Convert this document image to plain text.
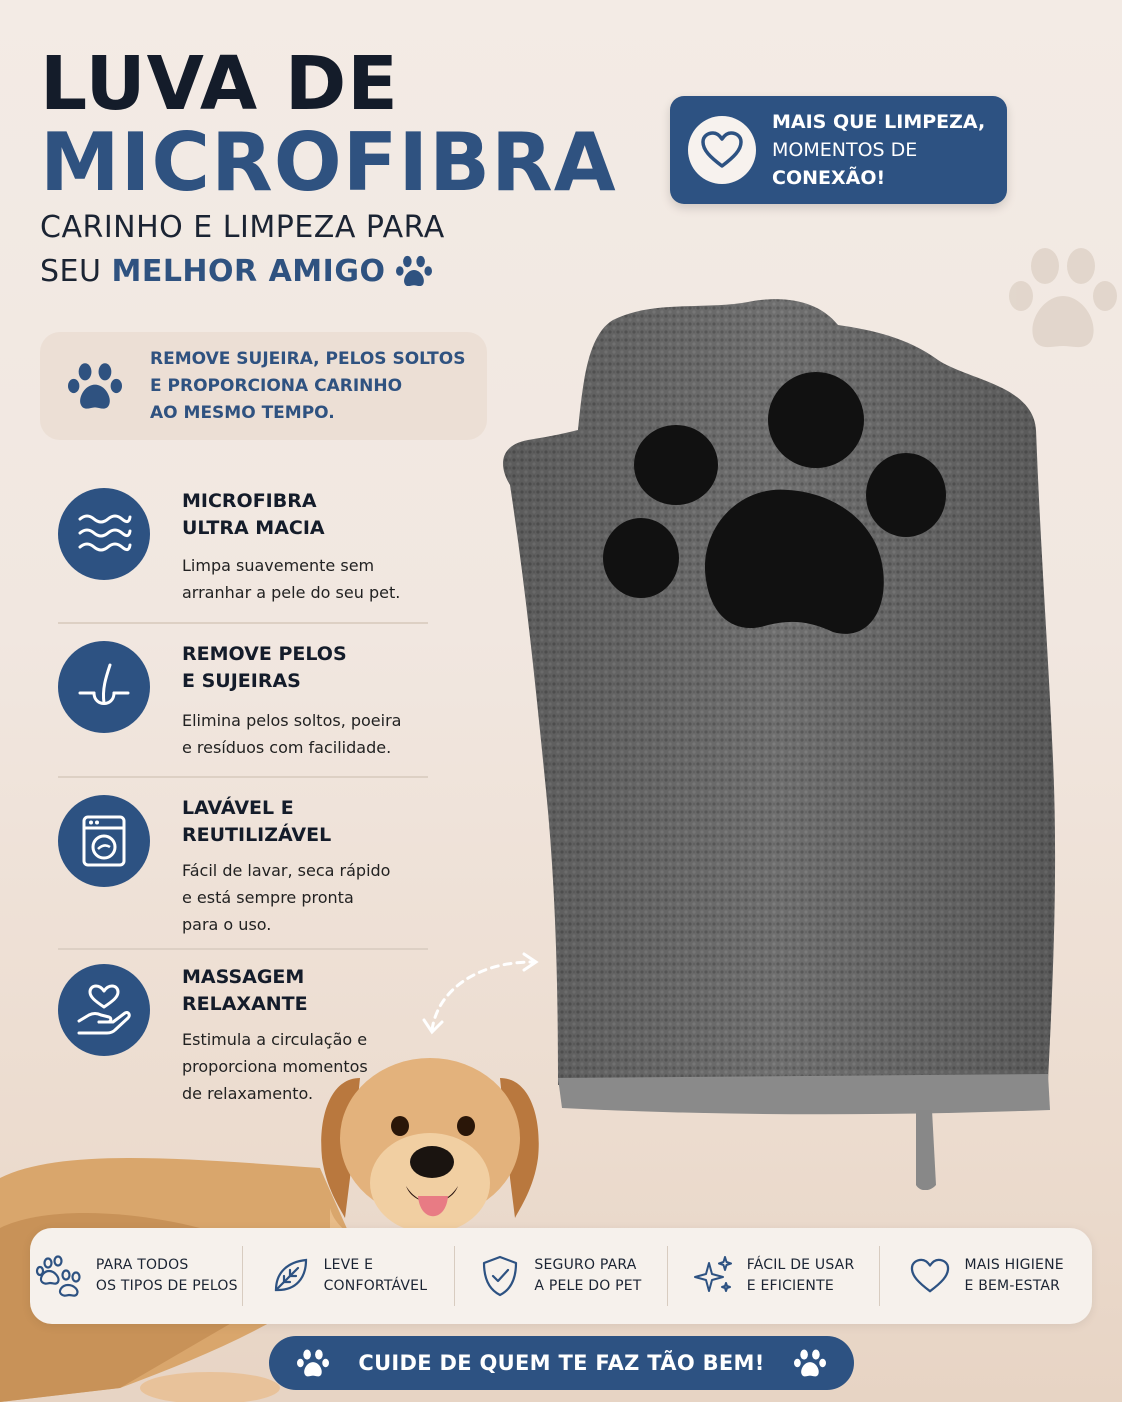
LUVA DE
MICROFIBRA
CARINHO E LIMPEZA PARA
SEU MELHOR AMIGO
MAIS QUE LIMPEZA,
MOMENTOS DE
CONEXÃO!
REMOVE SUJEIRA, PELOS SOLTOS
E PROPORCIONA CARINHO
AO MESMO TEMPO.
MICROFIBRA
ULTRA MACIA
Limpa suavemente sem
arranhar a pele do seu pet.
REMOVE PELOS
E SUJEIRAS
Elimina pelos soltos, poeira
e resíduos com facilidade.
LAVÁVEL E
REUTILIZÁVEL
Fácil de lavar, seca rápido
e está sempre pronta
para o uso.
MASSAGEM
RELAXANTE
Estimula a circulação e
proporciona momentos
de relaxamento.
PARA TODOS
OS TIPOS DE PELOS
LEVE E
CONFORTÁVEL
SEGURO PARA
A PELE DO PET
FÁCIL DE USAR
E EFICIENTE
MAIS HIGIENE
E BEM-ESTAR
CUIDE DE QUEM TE FAZ TÃO BEM!
